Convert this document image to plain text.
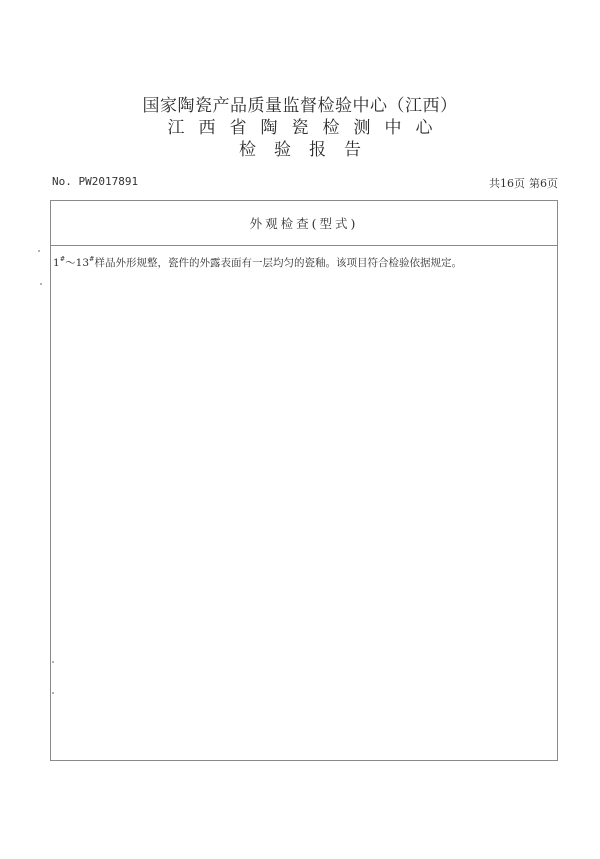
国家陶瓷产品质量监督检验中心（江西）
江西省陶瓷检测中心
检验报告
No. PW2017891	共16页 第6页
外观检查(型式)
1#～13#样品外形规整，瓷件的外露表面有一层均匀的瓷釉。该项目符合检验依据规定。
